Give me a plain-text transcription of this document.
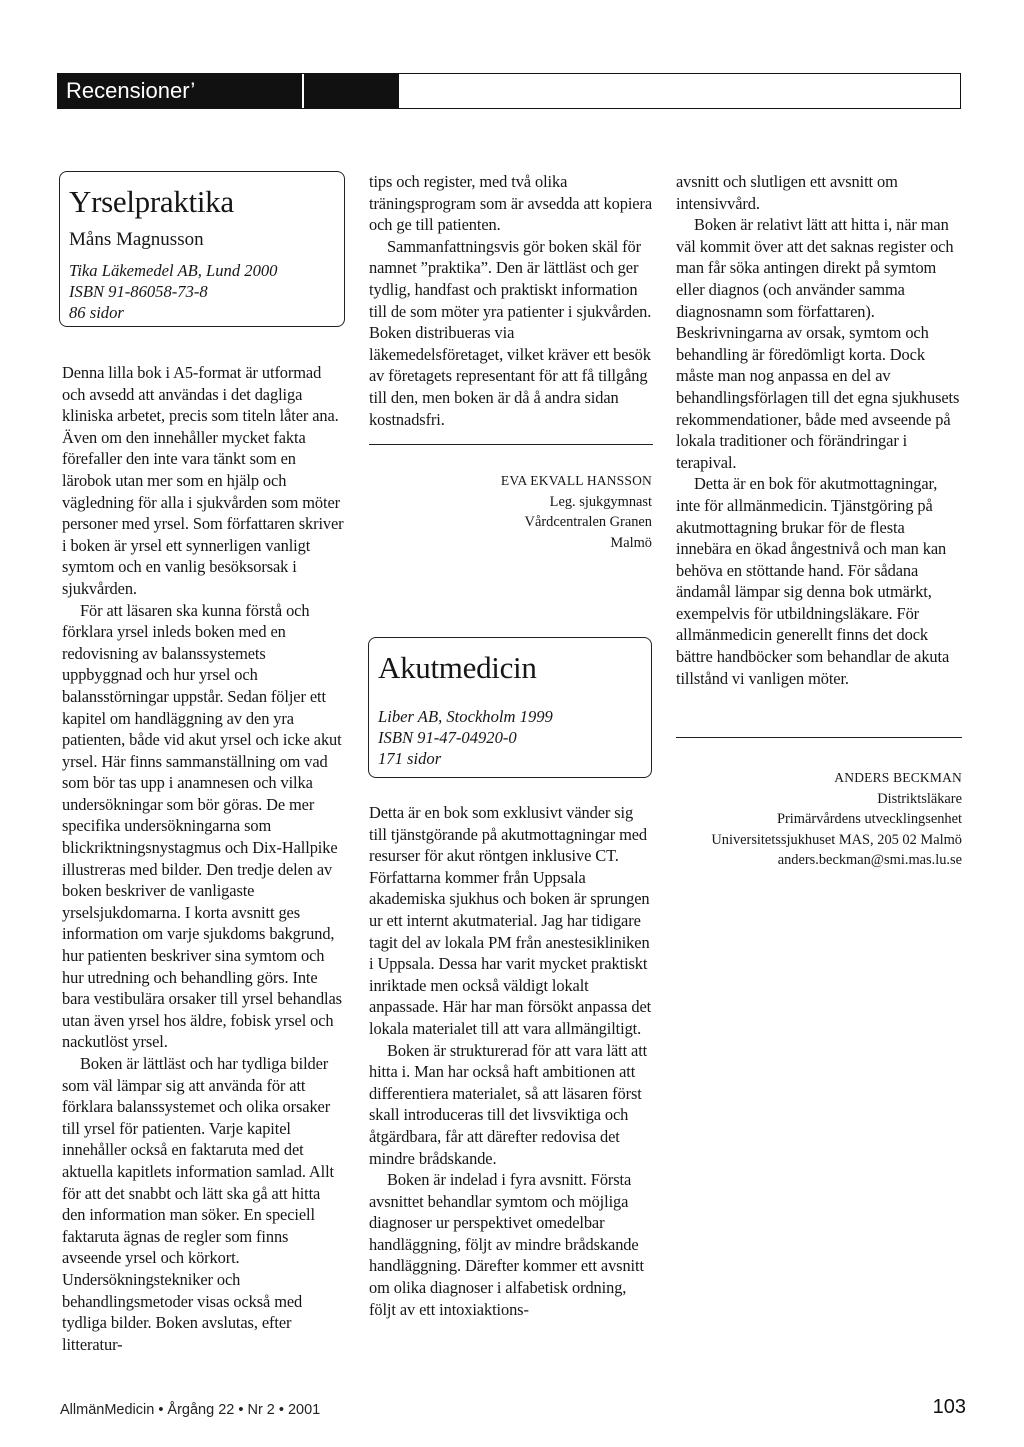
Recensioner’
Yrselpraktika
Måns Magnusson
Tika Läkemedel AB, Lund 2000
ISBN 91-86058-73-8
86 sidor

Denna lilla bok i A5-format är utformad och avsedd att användas i det dagliga kliniska arbetet, precis som titeln låter ana. Även om den innehåller mycket fakta förefaller den inte vara tänkt som en lärobok utan mer som en hjälp och vägledning för alla i sjukvården som möter personer med yrsel. Som författaren skriver i boken är yrsel ett synnerligen vanligt symtom och en vanlig besöksorsak i sjukvården.

För att läsaren ska kunna förstå och förklara yrsel inleds boken med en redovisning av balanssystemets uppbyggnad och hur yrsel och balansstörningar uppstår. Sedan följer ett kapitel om handläggning av den yra patienten, både vid akut yrsel och icke akut yrsel. Här finns sammanställning om vad som bör tas upp i anamnesen och vilka undersökningar som bör göras. De mer specifika undersökningarna som blickriktningsnystagmus och Dix-Hallpike illustreras med bilder. Den tredje delen av boken beskriver de vanligaste yrselsjukdomarna. I korta avsnitt ges information om varje sjukdoms bakgrund, hur patienten beskriver sina symtom och hur utredning och behandling görs. Inte bara vestibulära orsaker till yrsel behandlas utan även yrsel hos äldre, fobisk yrsel och nackutlöst yrsel.

Boken är lättläst och har tydliga bilder som väl lämpar sig att använda för att förklara balanssystemet och olika orsaker till yrsel för patienten. Varje kapitel innehåller också en faktaruta med det aktuella kapitlets information samlad. Allt för att det snabbt och lätt ska gå att hitta den information man söker. En speciell faktaruta ägnas de regler som finns avseende yrsel och körkort. Undersökningstekniker och behandlingsmetoder visas också med tydliga bilder. Boken avslutas, efter litteratur-

tips och register, med två olika träningsprogram som är avsedda att kopiera och ge till patienten.

Sammanfattningsvis gör boken skäl för namnet ”praktika”. Den är lättläst och ger tydlig, handfast och praktiskt information till de som möter yra patienter i sjukvården. Boken distribueras via läkemedelsföretaget, vilket kräver ett besök av företagets representant för att få tillgång till den, men boken är då å andra sidan kostnadsfri.

EVA EKVALL HANSSON
Leg. sjukgymnast
Vårdcentralen Granen
Malmö
Akutmedicin
Liber AB, Stockholm 1999
ISBN 91-47-04920-0
171 sidor

Detta är en bok som exklusivt vänder sig till tjänstgörande på akutmottagningar med resurser för akut röntgen inklusive CT. Författarna kommer från Uppsala akademiska sjukhus och boken är sprungen ur ett internt akutmaterial. Jag har tidigare tagit del av lokala PM från anestesikliniken i Uppsala. Dessa har varit mycket praktiskt inriktade men också väldigt lokalt anpassade. Här har man försökt anpassa det lokala materialet till att vara allmängiltigt.

Boken är strukturerad för att vara lätt att hitta i. Man har också haft ambitionen att differentiera materialet, så att läsaren först skall introduceras till det livsviktiga och åtgärdbara, får att därefter redovisa det mindre brådskande.

Boken är indelad i fyra avsnitt. Första avsnittet behandlar symtom och möjliga diagnoser ur perspektivet omedelbar handläggning, följt av mindre brådskande handläggning. Därefter kommer ett avsnitt om olika diagnoser i alfabetisk ordning, följt av ett intoxiaktions-

avsnitt och slutligen ett avsnitt om intensivvård.

Boken är relativt lätt att hitta i, när man väl kommit över att det saknas register och man får söka antingen direkt på symtom eller diagnos (och använder samma diagnosnamn som författaren). Beskrivningarna av orsak, symtom och behandling är föredömligt korta. Dock måste man nog anpassa en del av behandlingsförlagen till det egna sjukhusets rekommendationer, både med avseende på lokala traditioner och förändringar i terapival.

Detta är en bok för akutmottagningar, inte för allmänmedicin. Tjänstgöring på akutmottagning brukar för de flesta innebära en ökad ångestnivå och man kan behöva en stöttande hand. För sådana ändamål lämpar sig denna bok utmärkt, exempelvis för utbildningsläkare. För allmänmedicin generellt finns det dock bättre handböcker som behandlar de akuta tillstånd vi vanligen möter.

ANDERS BECKMAN
Distriktsläkare
Primärvårdens utvecklingsenhet
Universitetssjukhuset MAS, 205 02 Malmö
anders.beckman@smi.mas.lu.se
AllmänMedicin • Årgång 22 • Nr 2 • 2001	103
